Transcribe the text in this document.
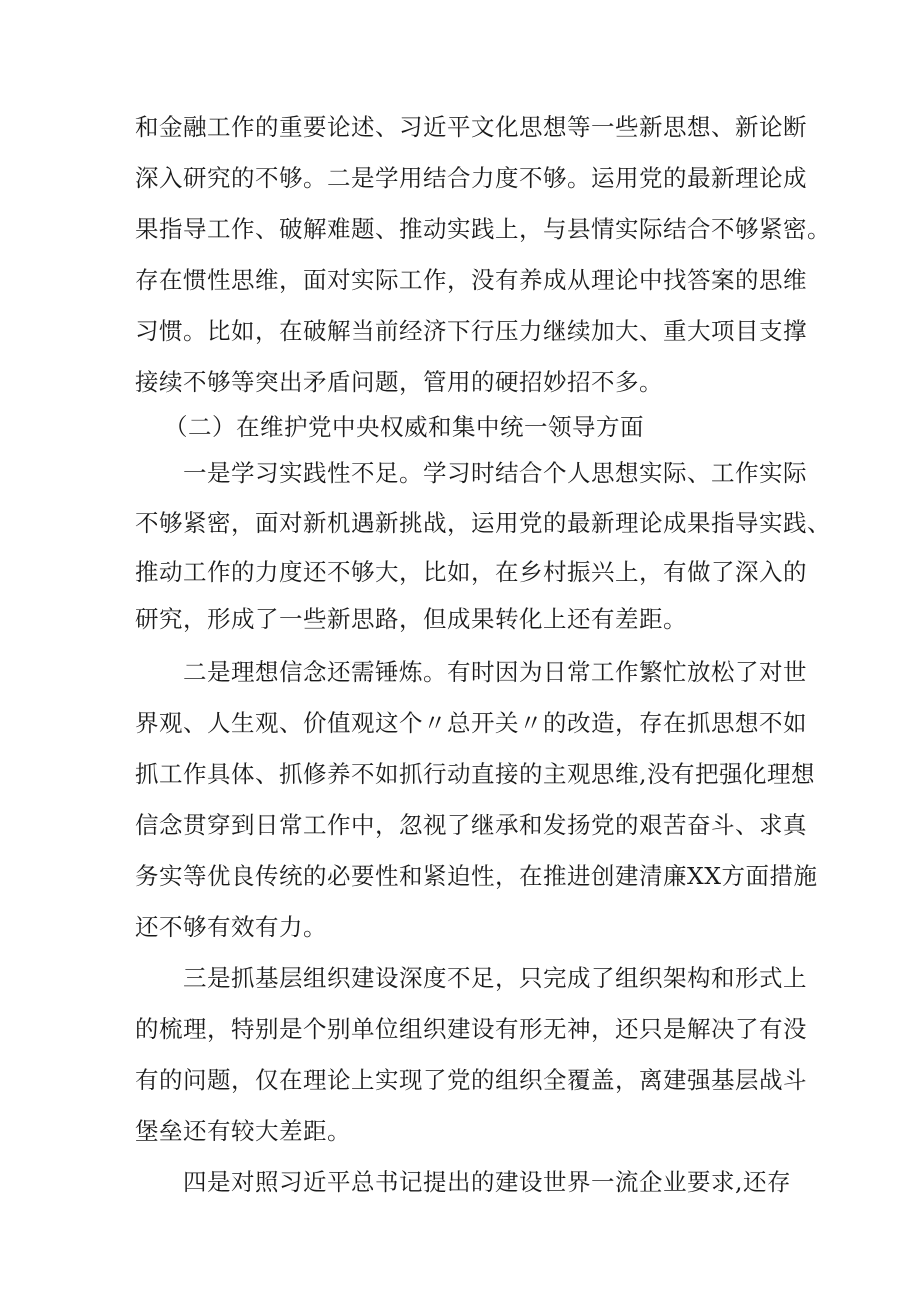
和金融工作的重要论述、习近平文化思想等一些新思想、新论断

深入研究的不够。二是学用结合力度不够。运用党的最新理论成

果指导工作、破解难题、推动实践上，与县情实际结合不够紧密。

存在惯性思维，面对实际工作，没有养成从理论中找答案的思维

习惯。比如，在破解当前经济下行压力继续加大、重大项目支撑

接续不够等突出矛盾问题，管用的硬招妙招不多。

（二）在维护党中央权威和集中统一领导方面

一是学习实践性不足。学习时结合个人思想实际、工作实际

不够紧密，面对新机遇新挑战，运用党的最新理论成果指导实践、

推动工作的力度还不够大，比如，在乡村振兴上，有做了深入的

研究，形成了一些新思路，但成果转化上还有差距。

二是理想信念还需锤炼。有时因为日常工作繁忙放松了对世

界观、人生观、价值观这个〃总开关〃的改造，存在抓思想不如

抓工作具体、抓修养不如抓行动直接的主观思维,没有把强化理想

信念贯穿到日常工作中，忽视了继承和发扬党的艰苦奋斗、求真

务实等优良传统的必要性和紧迫性，在推进创建清廉XX方面措施

还不够有效有力。

三是抓基层组织建设深度不足，只完成了组织架构和形式上

的梳理，特别是个别单位组织建设有形无神，还只是解决了有没

有的问题，仅在理论上实现了党的组织全覆盖，离建强基层战斗

堡垒还有较大差距。

四是对照习近平总书记提出的建设世界一流企业要求,还存
